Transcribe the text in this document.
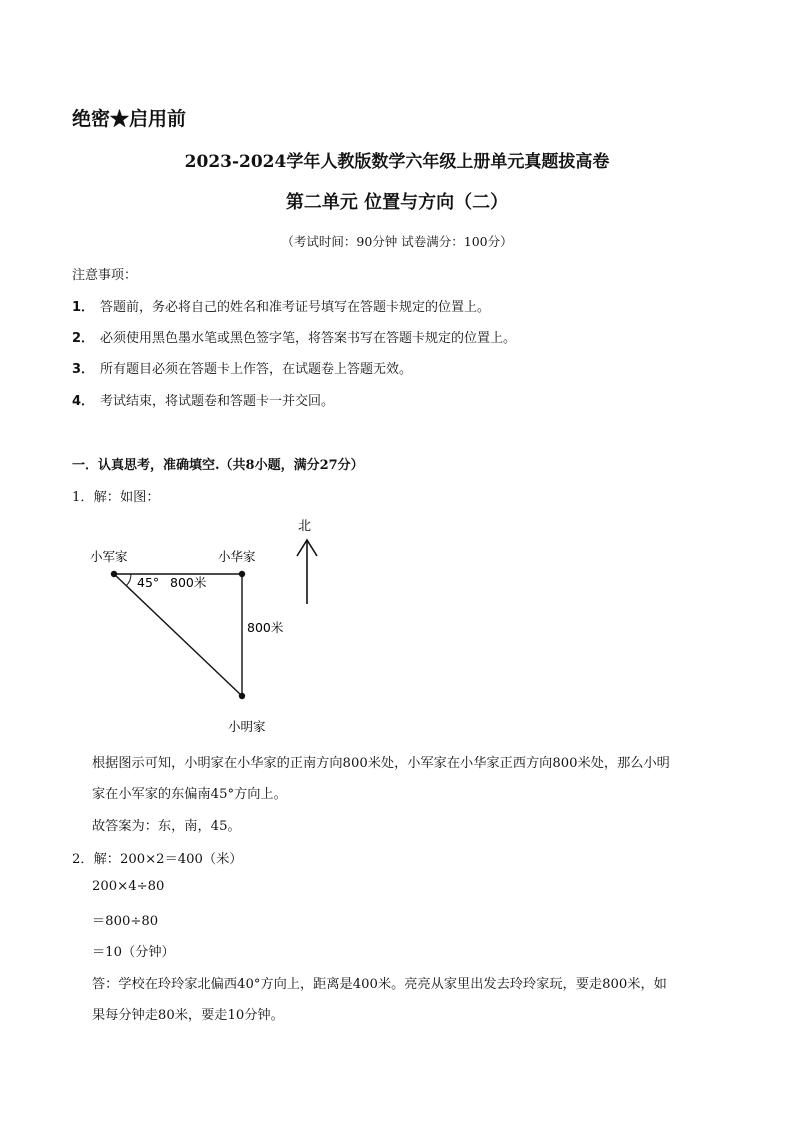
绝密★启用前
2023-2024学年人教版数学六年级上册单元真题拔高卷
第二单元 位置与方向（二）
（考试时间：90分钟 试卷满分：100分）
注意事项：
1． 答题前，务必将自己的姓名和准考证号填写在答题卡规定的位置上。
2． 必须使用黑色墨水笔或黑色签字笔，将答案书写在答题卡规定的位置上。
3． 所有题目必须在答题卡上作答，在试题卷上答题无效。
4． 考试结束，将试题卷和答题卡一并交回。
一．认真思考，准确填空.（共8小题，满分27分）
1．解：如图：
北
小军家	小华家
小明家
45° 800米
800米
根据图示可知，小明家在小华家的正南方向800米处，小军家在小华家正西方向800米处，那么小明
家在小军家的东偏南45°方向上。
故答案为：东，南，45。
2．解：200×2＝400（米）
200×4÷80
＝800÷80
＝10（分钟）
答：学校在玲玲家北偏西40°方向上，距离是400米。亮亮从家里出发去玲玲家玩，要走800米，如
果每分钟走80米，要走10分钟。
